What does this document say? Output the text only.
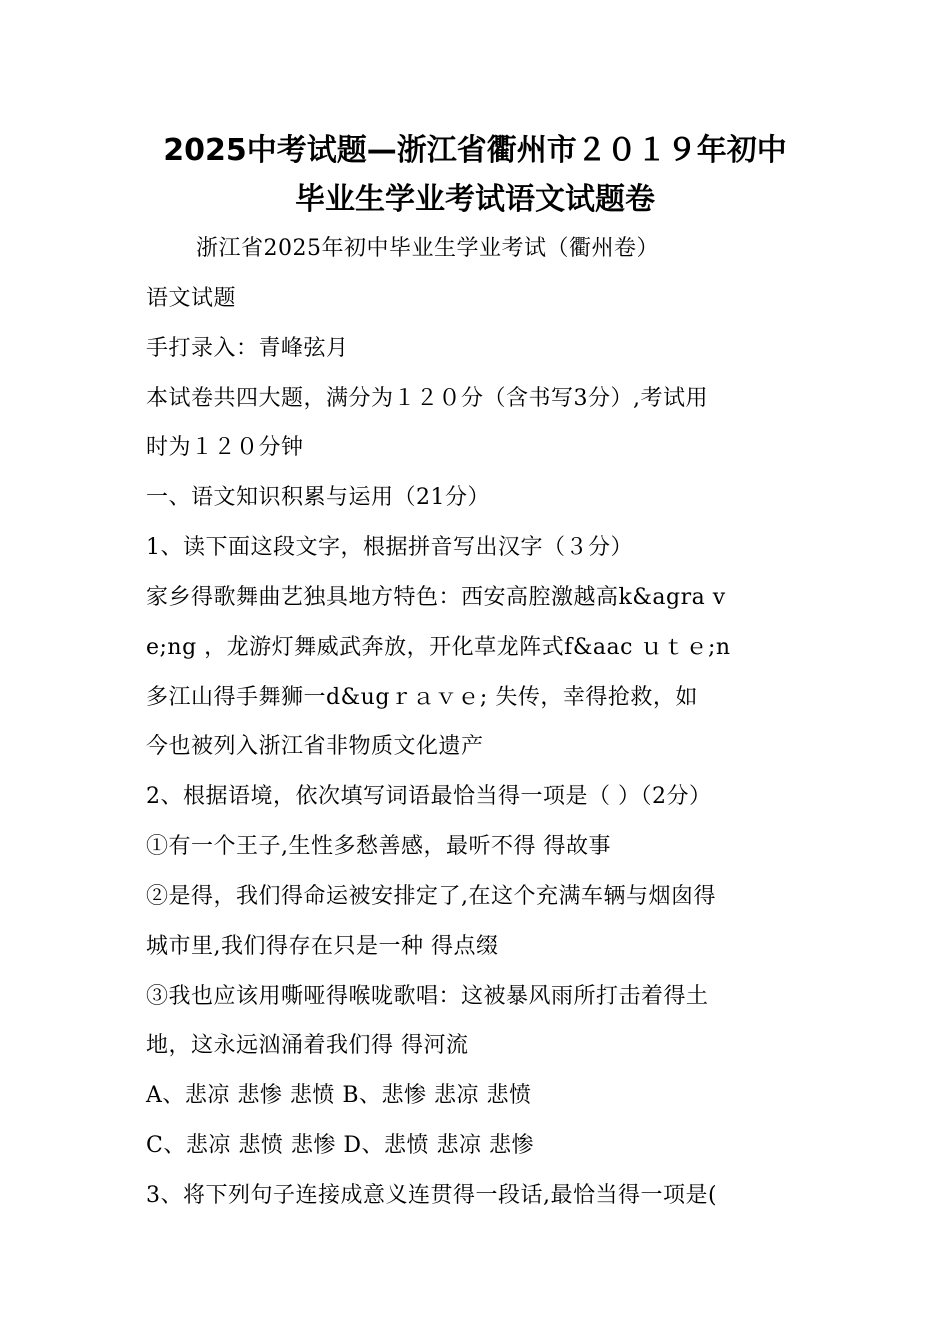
2025中考试题—浙江省衢州市２０１９年初中
毕业生学业考试语文试题卷
浙江省2025年初中毕业生学业考试（衢州卷）
语文试题
手打录入：青峰弦月
本试卷共四大题，满分为１２０分（含书写3分）,考试用
时为１２０分钟
一、语文知识积累与运用（21分）
1、读下面这段文字，根据拼音写出汉字（３分）
家乡得歌舞曲艺独具地方特色：西安高腔激越高k&agra v
e;ng ，龙游灯舞威武奔放，开化草龙阵式f&aac ｕｔｅ;n
多江山得手舞狮一d&ugｒａｖｅ; 失传，幸得抢救，如
今也被列入浙江省非物质文化遗产
2、根据语境，依次填写词语最恰当得一项是（ ）（2分）
①有一个王子,生性多愁善感，最听不得 得故事
②是得，我们得命运被安排定了,在这个充满车辆与烟囱得
城市里,我们得存在只是一种 得点缀
③我也应该用嘶哑得喉咙歌唱：这被暴风雨所打击着得土
地，这永远汹涌着我们得 得河流
A、悲凉 悲惨 悲愤 B、悲惨 悲凉 悲愤
C、悲凉 悲愤 悲惨 D、悲愤 悲凉 悲惨
3、将下列句子连接成意义连贯得一段话,最恰当得一项是(
